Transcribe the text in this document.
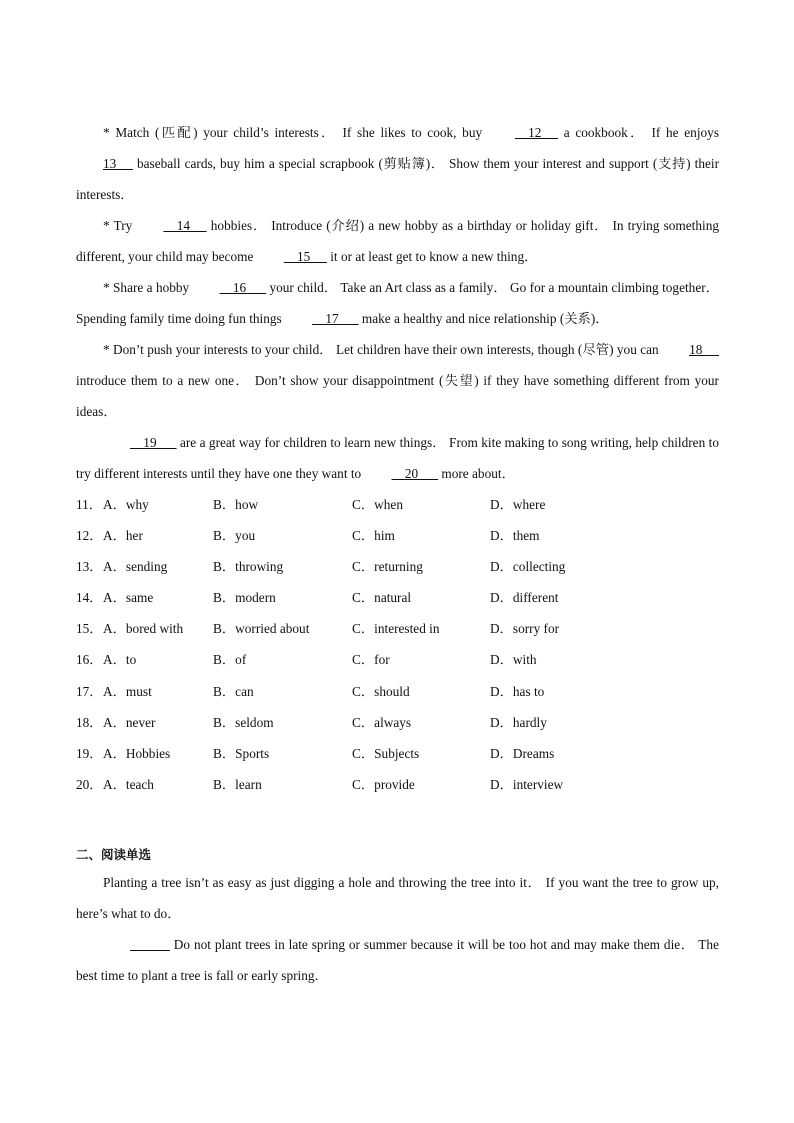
* Match (匹配) your child’s interests． If she likes to cook, buy     12      a cookbook． If he enjoys 13      baseball cards, buy him a special scrapbook (剪贴簿)． Show them your interest and support (支持) their interests．

* Try     14      hobbies． Introduce (介绍) a new hobby as a birthday or holiday gift． In trying something different, your child may become     15      it or at least get to know a new thing．

* Share a hobby     16       your child． Take an Art class as a family． Go for a mountain climbing together． Spending family time doing fun things     17       make a healthy and nice relationship (关系)．

* Don’t push your interests to your child． Let children have their own interests, though (尽管) you can 18      introduce them to a new one． Don’t show your disappointment (失望) if they have something different from your ideas．

19       are a great way for children to learn new things． From kite making to song writing, help children to try different interests until they have one they want to     20       more about．

11． A．why	B．how	C．when	D．where
12． A．her	B．you	C．him	D．them
13． A．sending	B．throwing	C．returning	D．collecting
14． A．same	B．modern	C．natural	D．different
15． A．bored with	B．worried about	C．interested in	D．sorry for
16． A．to	B．of	C．for	D．with
17． A．must	B．can	C．should	D．has to
18． A．never	B．seldom	C．always	D．hardly
19． A．Hobbies	B．Sports	C．Subjects	D．Dreams
20． A．teach	B．learn	C．provide	D．interview
二、阅读单选

Planting a tree isn’t as easy as just digging a hole and throwing the tree into it． If you want the tree to grow up, here’s what to do．

Do not plant trees in late spring or summer because it will be too hot and may make them die． The best time to plant a tree is fall or early spring．
